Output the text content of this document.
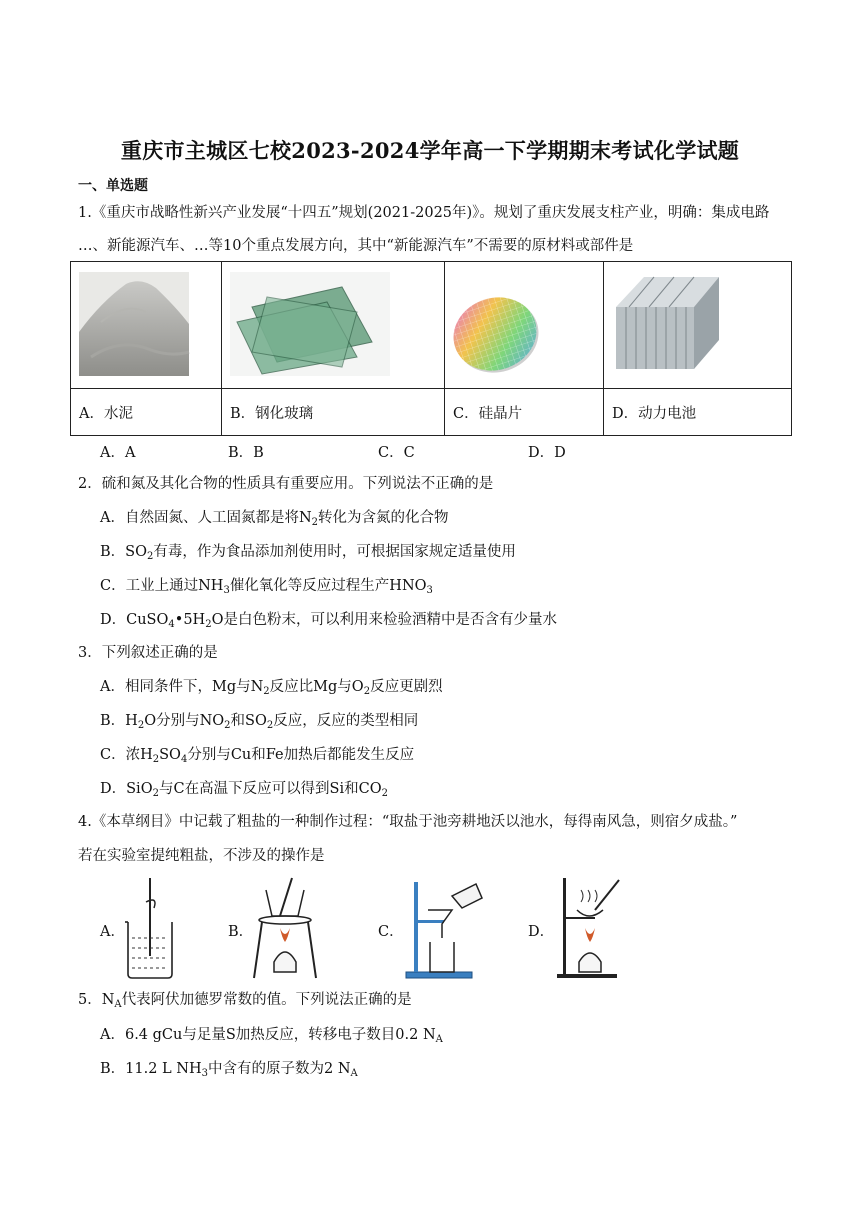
重庆市主城区七校2023-2024学年高一下学期期末考试化学试题
一、单选题
1.《重庆市战略性新兴产业发展“十四五”规划(2021-2025年)》。规划了重庆发展支柱产业，明确：集成电路
…、新能源汽车、…等10个重点发展方向，其中“新能源汽车”不需要的原材料或部件是

A．水泥	B．钢化玻璃	C．硅晶片	D．动力电池
A．A	B．B	C．C	D．D
2．硫和氮及其化合物的性质具有重要应用。下列说法不正确的是
A．自然固氮、人工固氮都是将$N_2$转化为含氮的化合物
B．$SO_2$有毒，作为食品添加剂使用时，可根据国家规定适量使用
C．工业上通过$NH_3$催化氧化等反应过程生产$HNO_3$
D．$CuSO_4•5H_2O$是白色粉末，可以利用来检验酒精中是否含有少量水
3．下列叙述正确的是
A．相同条件下，Mg与$N_2$反应比Mg与$O_2$反应更剧烈
B．$H_2O$分别与$NO_2$和$SO_2$反应，反应的类型相同
C．浓$H_2SO_4$分别与Cu和Fe加热后都能发生反应
D．SiO$_2$与C在高温下反应可以得到Si和$CO_2$
4.《本草纲目》中记载了粗盐的一种制作过程：“取盐于池旁耕地沃以池水，每得南风急，则宿夕成盐。”
若在实验室提纯粗盐，不涉及的操作是
A．	B．	C．	D．
5．$N_A$代表阿伏加德罗常数的值。下列说法正确的是
A．6.4 gCu与足量S加热反应，转移电子数目0.2 $N_A$
B．11.2 L $NH_3$中含有的原子数为2 $N_A$
